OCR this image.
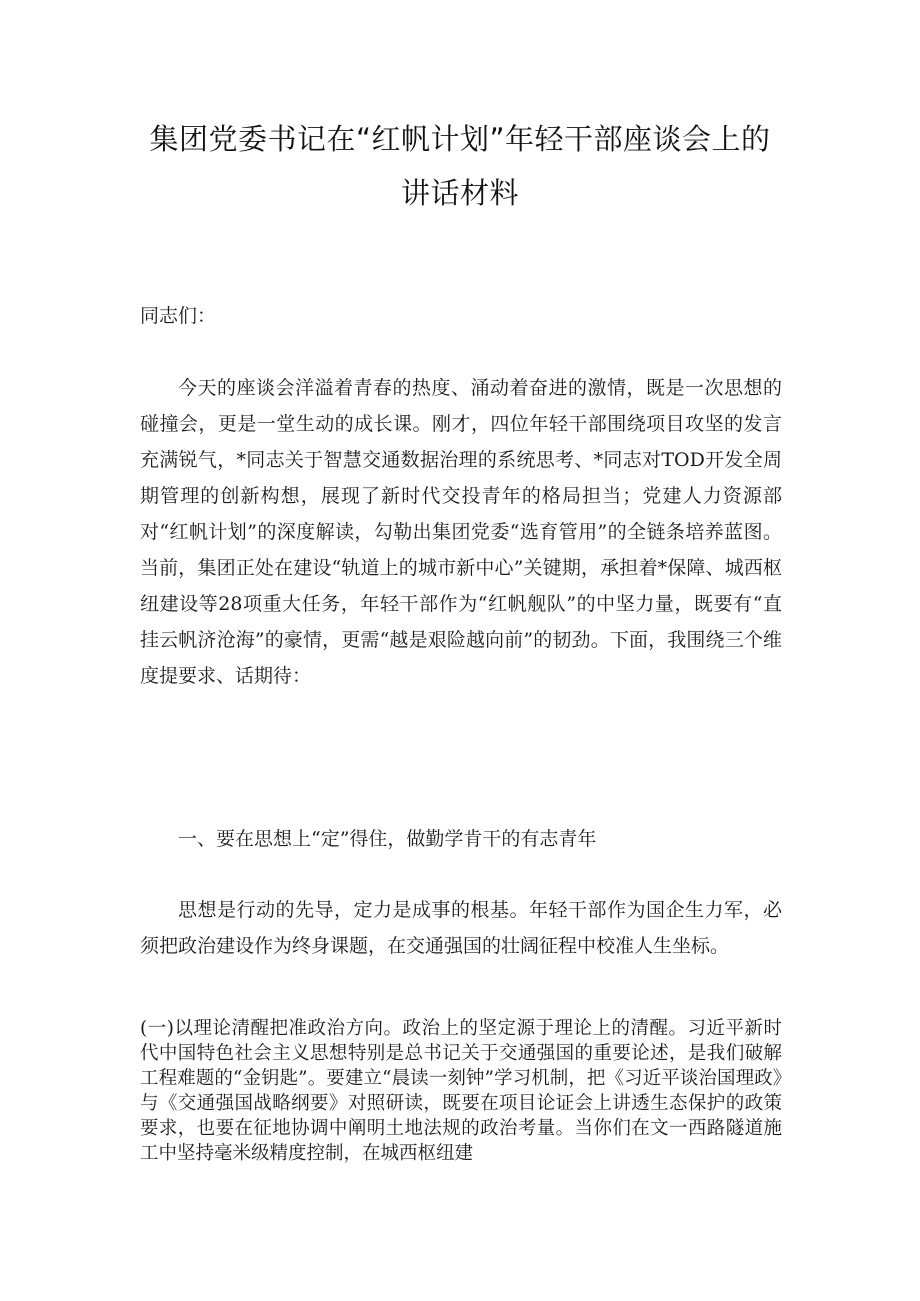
集团党委书记在“红帆计划”年轻干部座谈会上的讲话材料

同志们：

今天的座谈会洋溢着青春的热度、涌动着奋进的激情，既是一次思想的碰撞会，更是一堂生动的成长课。刚才，四位年轻干部围绕项目攻坚的发言充满锐气，*同志关于智慧交通数据治理的系统思考、*同志对TOD开发全周期管理的创新构想，展现了新时代交投青年的格局担当；党建人力资源部对“红帆计划”的深度解读，勾勒出集团党委“选育管用”的全链条培养蓝图。当前，集团正处在建设“轨道上的城市新中心”关键期，承担着*保障、城西枢纽建设等28项重大任务，年轻干部作为“红帆舰队”的中坚力量，既要有“直挂云帆济沧海”的豪情，更需“越是艰险越向前”的韧劲。下面，我围绕三个维度提要求、话期待：

一、要在思想上“定”得住，做勤学肯干的有志青年

思想是行动的先导，定力是成事的根基。年轻干部作为国企生力军，必须把政治建设作为终身课题，在交通强国的壮阔征程中校准人生坐标。

(一)以理论清醒把准政治方向。政治上的坚定源于理论上的清醒。习近平新时代中国特色社会主义思想特别是总书记关于交通强国的重要论述，是我们破解工程难题的“金钥匙”。要建立“晨读一刻钟”学习机制，把《习近平谈治国理政》与《交通强国战略纲要》对照研读，既要在项目论证会上讲透生态保护的政策要求，也要在征地协调中阐明土地法规的政治考量。当你们在文一西路隧道施工中坚持毫米级精度控制，在城西枢纽建
